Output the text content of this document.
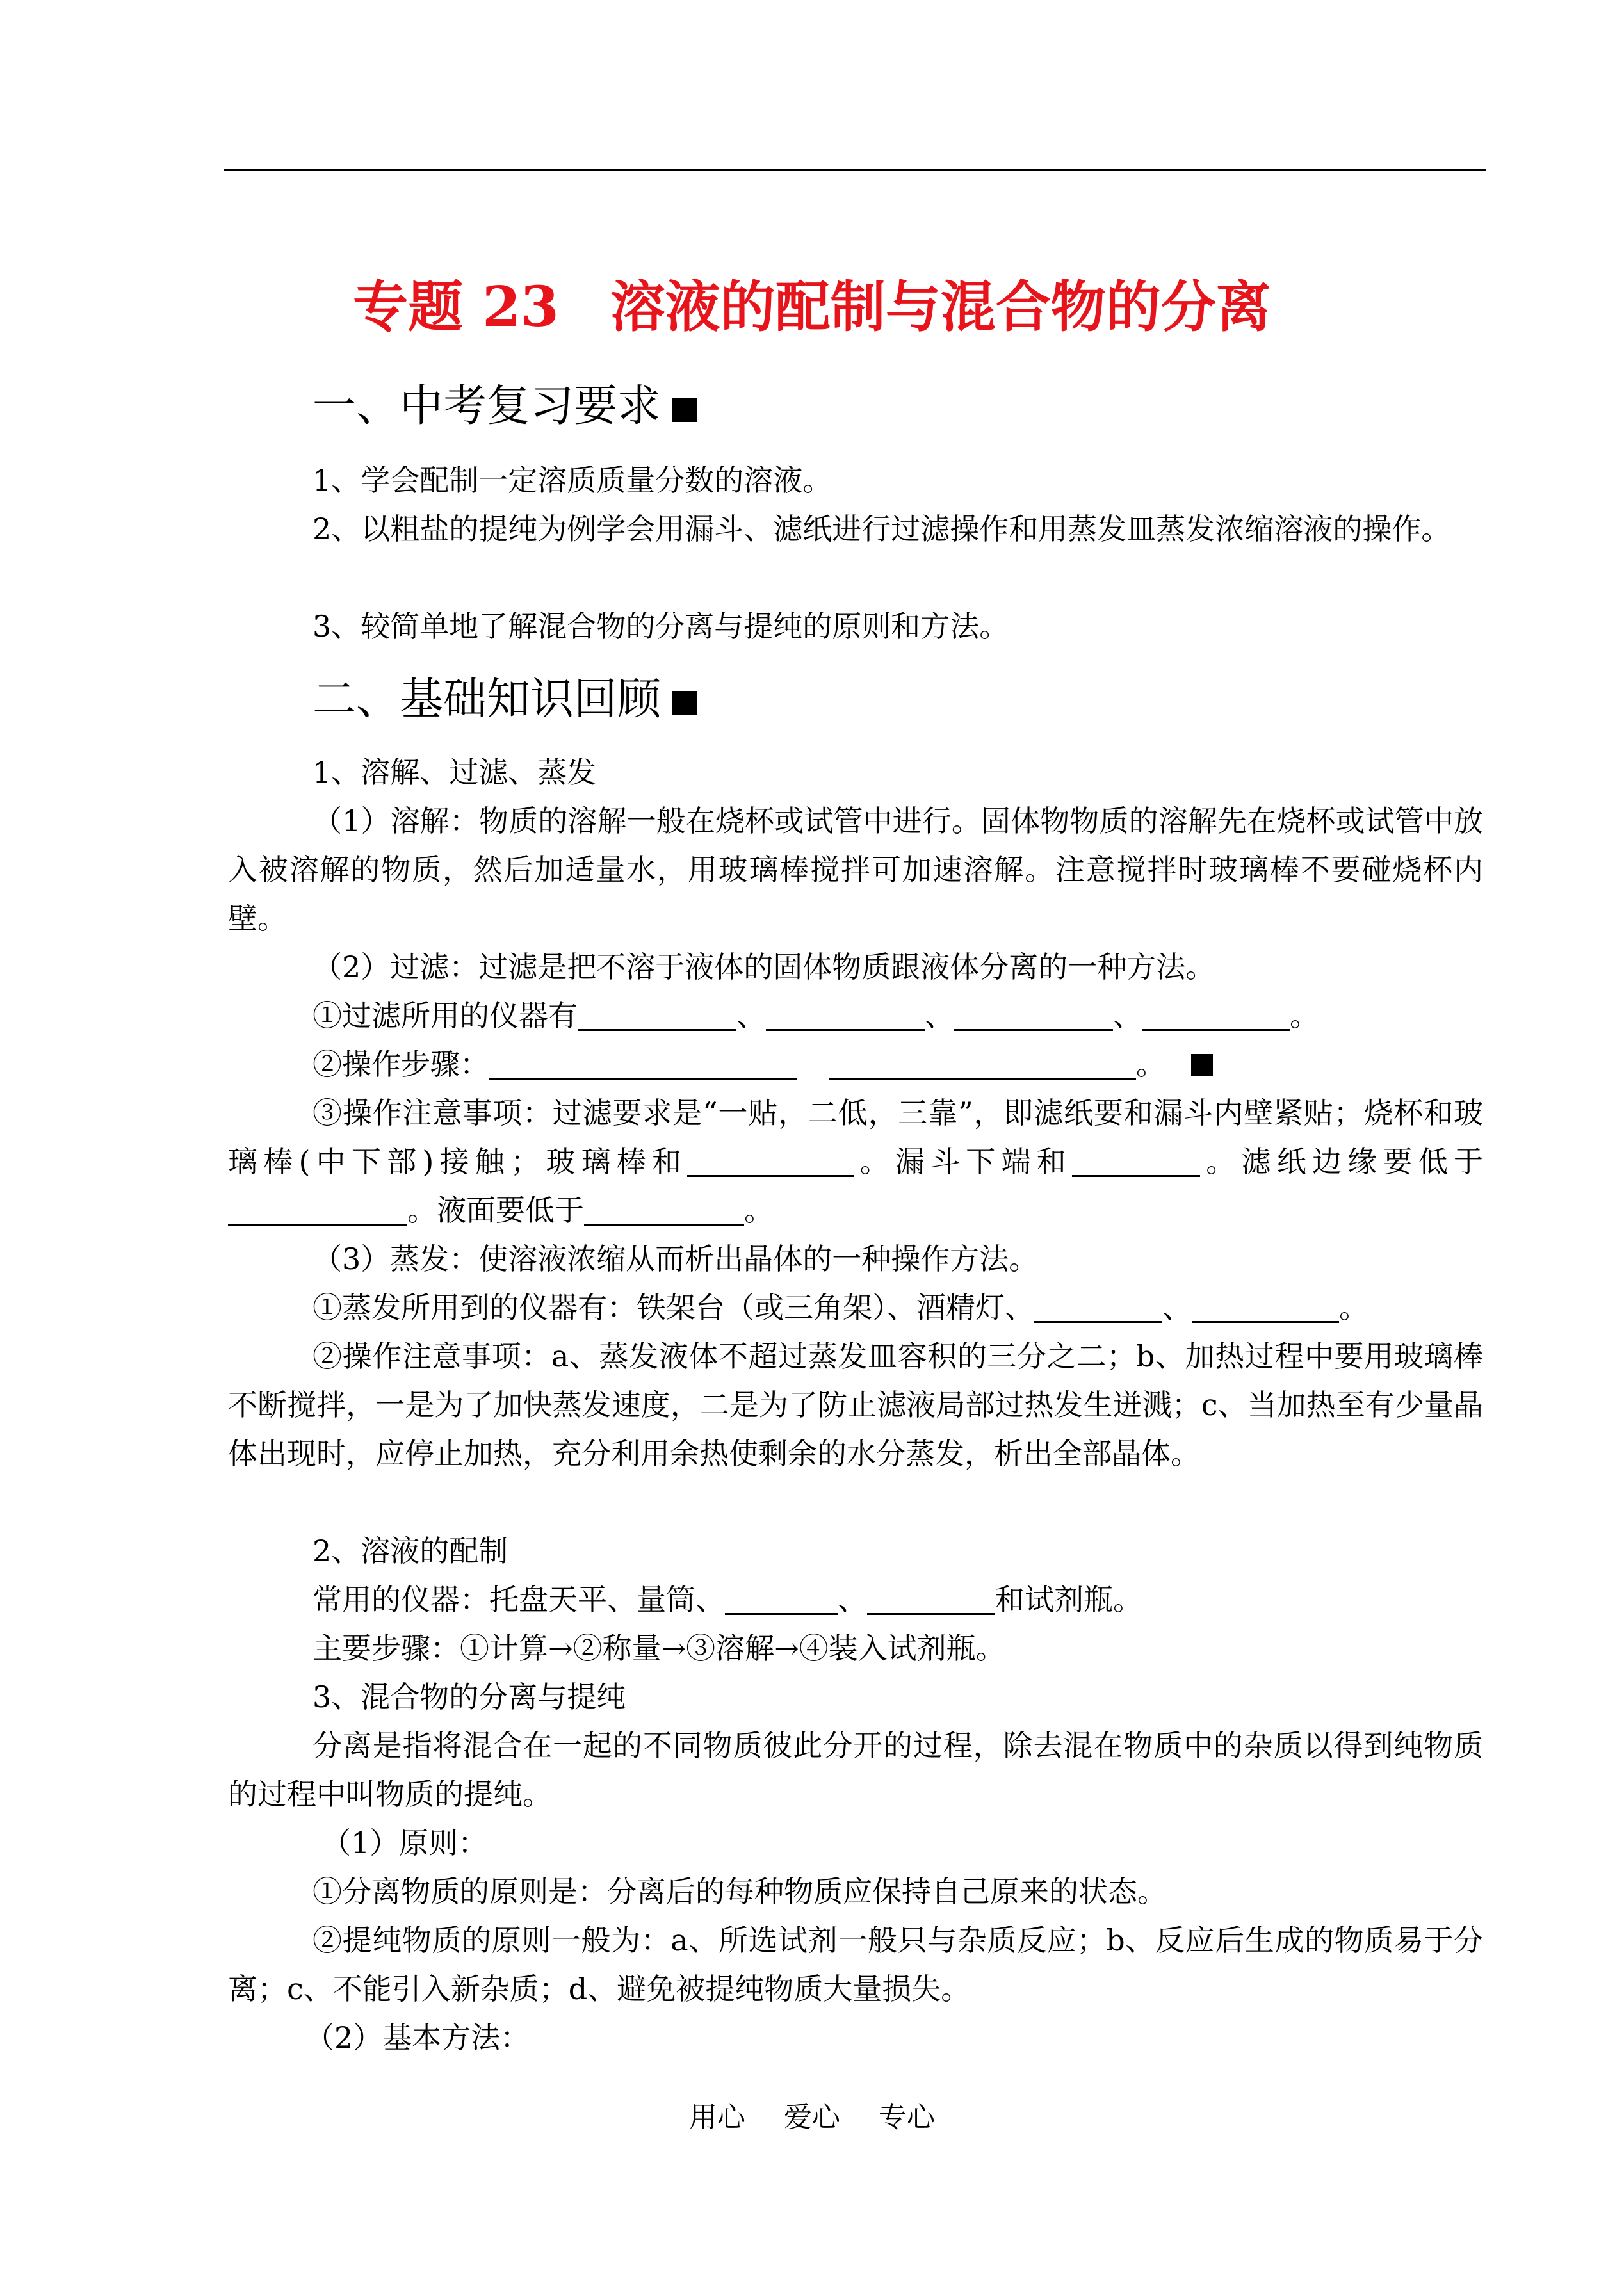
专题 23 溶液的配制与混合物的分离
一、中考复习要求
1、学会配制一定溶质质量分数的溶液。
2、以粗盐的提纯为例学会用漏斗、滤纸进行过滤操作和用蒸发皿蒸发浓缩溶液的操作。
3、较简单地了解混合物的分离与提纯的原则和方法。
二、基础知识回顾
1、溶解、过滤、蒸发
（1）溶解：物质的溶解一般在烧杯或试管中进行。固体物物质的溶解先在烧杯或试管中放入被溶解的物质，然后加适量水，用玻璃棒搅拌可加速溶解。注意搅拌时玻璃棒不要碰烧杯内壁。
（2）过滤：过滤是把不溶于液体的固体物质跟液体分离的一种方法。
①过滤所用的仪器有	、	、	、	。
②操作步骤：	。
③操作注意事项：过滤要求是“一贴，二低，三靠”，即滤纸要和漏斗内壁紧贴；烧杯和玻璃棒(中下部)接触；玻璃棒和	。漏斗下端和	。滤纸边缘要低于。液面要低于	。
（3）蒸发：使溶液浓缩从而析出晶体的一种操作方法。
①蒸发所用到的仪器有：铁架台（或三角架）、酒精灯、	、	。
②操作注意事项：a、蒸发液体不超过蒸发皿容积的三分之二；b、加热过程中要用玻璃棒不断搅拌，一是为了加快蒸发速度，二是为了防止滤液局部过热发生迸溅；c、当加热至有少量晶体出现时，应停止加热，充分利用余热使剩余的水分蒸发，析出全部晶体。
2、溶液的配制
常用的仪器：托盘天平、量筒、	、	和试剂瓶。
主要步骤：①计算→②称量→③溶解→④装入试剂瓶。
3、混合物的分离与提纯
分离是指将混合在一起的不同物质彼此分开的过程，除去混在物质中的杂质以得到纯物质的过程中叫物质的提纯。
（1）原则：
①分离物质的原则是：分离后的每种物质应保持自己原来的状态。
②提纯物质的原则一般为：a、所选试剂一般只与杂质反应；b、反应后生成的物质易于分离；c、不能引入新杂质；d、避免被提纯物质大量损失。
（2）基本方法：
用心 爱心 专心
